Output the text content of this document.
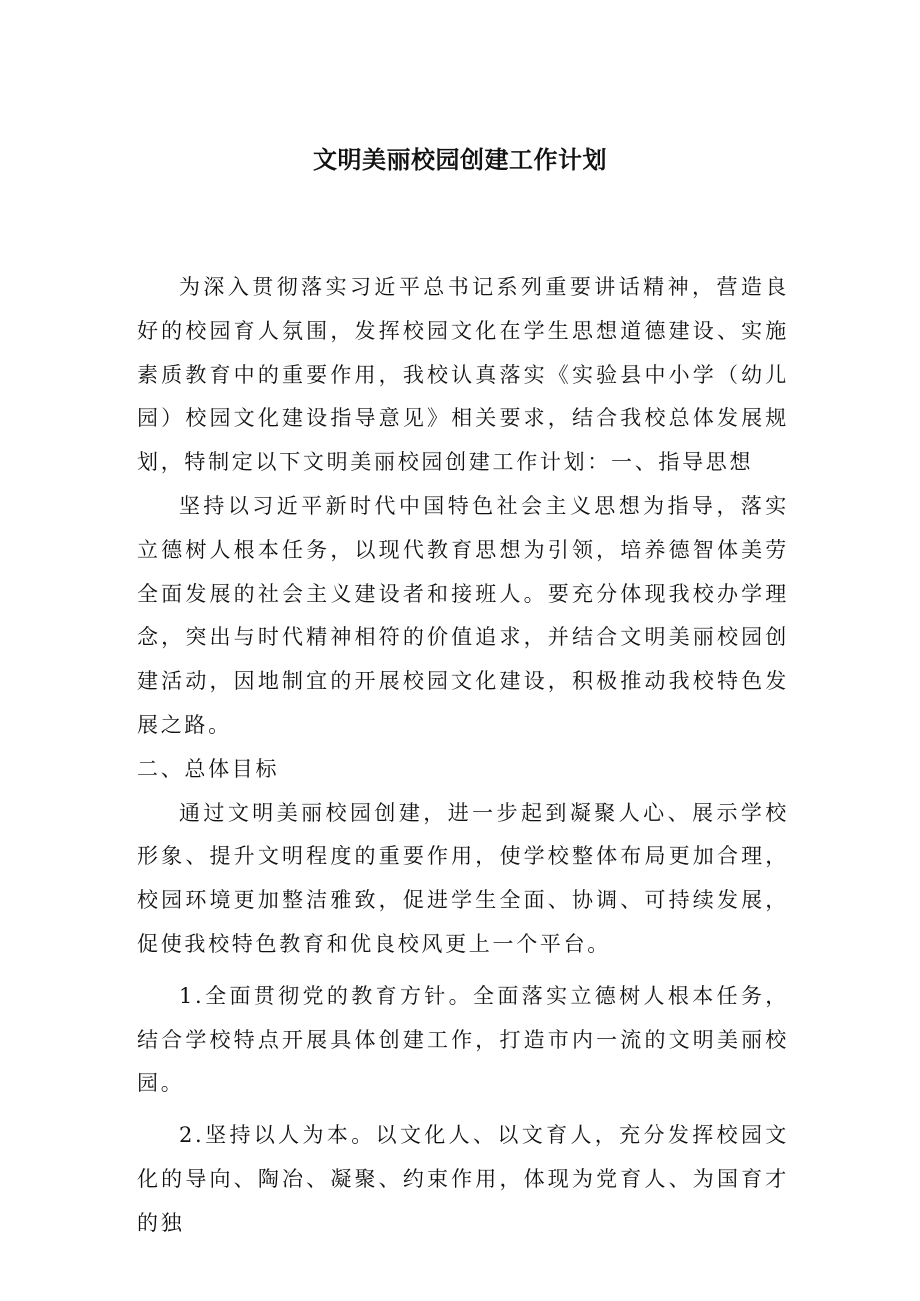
文明美丽校园创建工作计划

为深入贯彻落实习近平总书记系列重要讲话精神，营造良好的校园育人氛围，发挥校园文化在学生思想道德建设、实施素质教育中的重要作用，我校认真落实《实验县中小学（幼儿园）校园文化建设指导意见》相关要求，结合我校总体发展规划，特制定以下文明美丽校园创建工作计划：一、指导思想

坚持以习近平新时代中国特色社会主义思想为指导，落实立德树人根本任务，以现代教育思想为引领，培养德智体美劳全面发展的社会主义建设者和接班人。要充分体现我校办学理念，突出与时代精神相符的价值追求，并结合文明美丽校园创建活动，因地制宜的开展校园文化建设，积极推动我校特色发展之路。

二、总体目标

通过文明美丽校园创建，进一步起到凝聚人心、展示学校形象、提升文明程度的重要作用，使学校整体布局更加合理，校园环境更加整洁雅致，促进学生全面、协调、可持续发展，促使我校特色教育和优良校风更上一个平台。

1.全面贯彻党的教育方针。全面落实立德树人根本任务，结合学校特点开展具体创建工作，打造市内一流的文明美丽校园。

2.坚持以人为本。以文化人、以文育人，充分发挥校园文化的导向、陶冶、凝聚、约束作用，体现为党育人、为国育才的独
